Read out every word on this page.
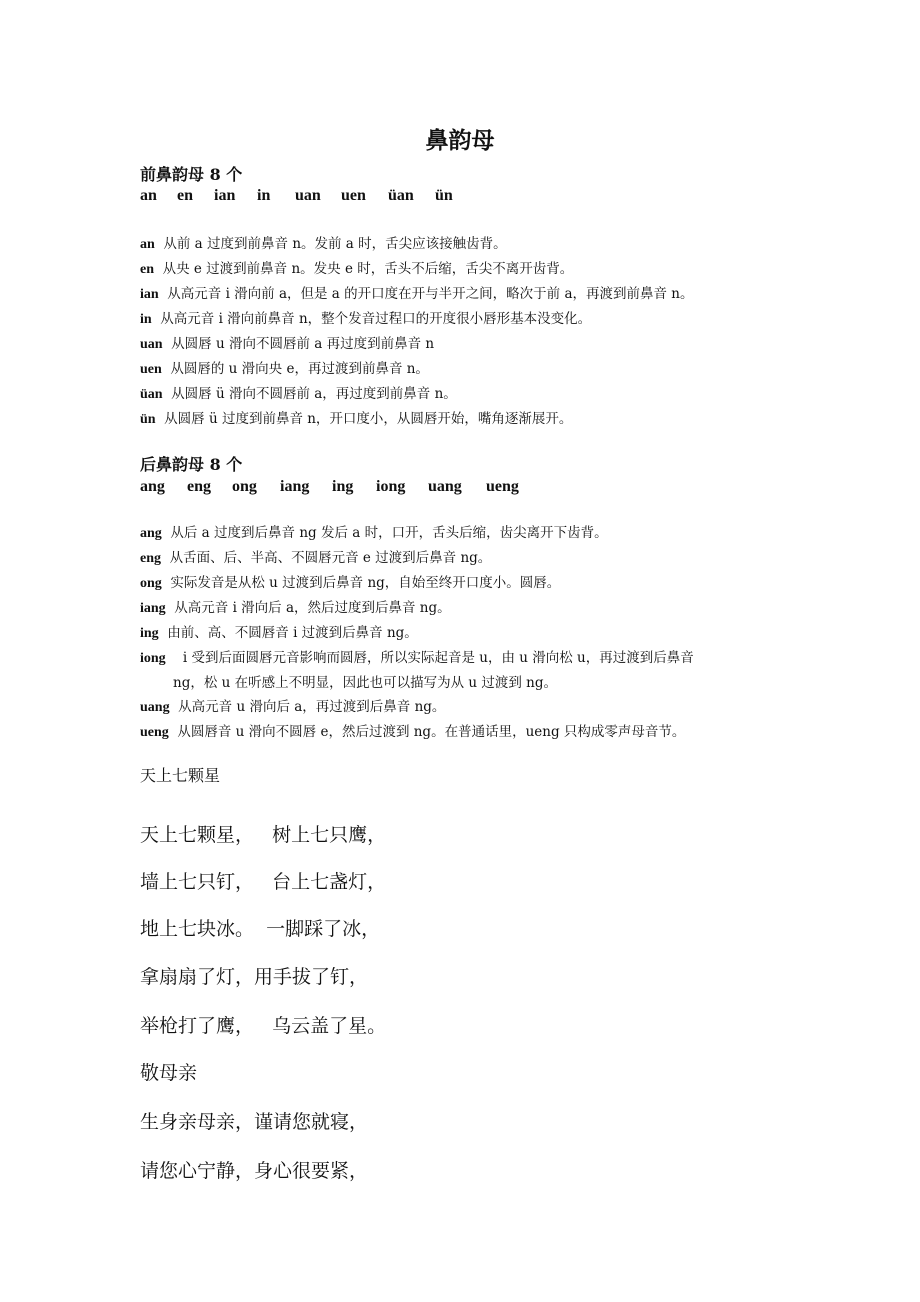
鼻韵母
前鼻韵母 8 个
an en ian in uan uen üan ün
an 从前 a 过度到前鼻音 n。发前 a 时，舌尖应该接触齿背。
en 从央 e 过渡到前鼻音 n。发央 e 时，舌头不后缩，舌尖不离开齿背。
ian 从高元音 i 滑向前 a，但是 a 的开口度在开与半开之间，略次于前 a，再渡到前鼻音 n。
in 从高元音 i 滑向前鼻音 n，整个发音过程口的开度很小唇形基本没变化。
uan 从圆唇 u 滑向不圆唇前 a 再过度到前鼻音 n
uen 从圆唇的 u 滑向央 e，再过渡到前鼻音 n。
üan 从圆唇 ü 滑向不圆唇前 a，再过度到前鼻音 n。
ün 从圆唇 ü 过度到前鼻音 n，开口度小，从圆唇开始，嘴角逐渐展开。
后鼻韵母 8 个
ang eng ong iang ing iong uang ueng
ang 从后 a 过度到后鼻音 ng 发后 a 时，口开，舌头后缩，齿尖离开下齿背。
eng 从舌面、后、半高、不圆唇元音 e 过渡到后鼻音 ng。
ong 实际发音是从松 u 过渡到后鼻音 ng，自始至终开口度小。圆唇。
iang 从高元音 i 滑向后 a，然后过度到后鼻音 ng。
ing 由前、高、不圆唇音 i 过渡到后鼻音 ng。
iong i 受到后面圆唇元音影响而圆唇，所以实际起音是 u，由 u 滑向松 u，再过渡到后鼻音
ng，松 u 在听感上不明显，因此也可以描写为从 u 过渡到 ng。
uang 从高元音 u 滑向后 a，再过渡到后鼻音 ng。
ueng 从圆唇音 u 滑向不圆唇 e，然后过渡到 ng。在普通话里，ueng 只构成零声母音节。
天上七颗星
天上七颗星，   树上七只鹰，
墙上七只钉，   台上七盏灯，
地上七块冰。  一脚踩了冰，
拿扇扇了灯，用手拔了钉，
举枪打了鹰，   乌云盖了星。
敬母亲
生身亲母亲，谨请您就寝，
请您心宁静，身心很要紧，
